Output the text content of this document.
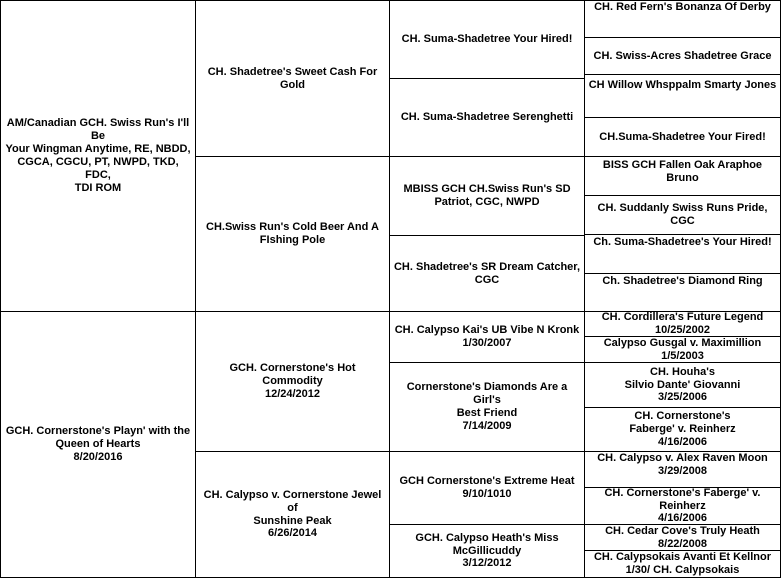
AM/Canadian GCH. Swiss Run's I'll Be
Your Wingman Anytime, RE, NBDD,
CGCA, CGCU, PT, NWPD, TKD, FDC,
TDI ROM
GCH. Cornerstone's Playn' with the
Queen of Hearts
8/20/2016
CH. Shadetree's Sweet Cash For Gold
CH.Swiss Run's Cold Beer And A
FIshing Pole
GCH. Cornerstone's Hot Commodity
12/24/2012
CH. Calypso v. Cornerstone Jewel of
Sunshine Peak
6/26/2014
CH. Suma-Shadetree Your Hired!
CH. Suma-Shadetree Serenghetti
MBISS GCH CH.Swiss Run's SD
Patriot, CGC, NWPD
CH. Shadetree's SR Dream Catcher,
CGC
CH. Calypso Kai's UB Vibe N Kronk
1/30/2007
Cornerstone's Diamonds Are a Girl's
Best Friend
7/14/2009
GCH Cornerstone's Extreme Heat
9/10/1010
GCH. Calypso Heath's Miss
McGillicuddy
3/12/2012
CH. Red Fern's Bonanza Of Derby
CH. Swiss-Acres Shadetree Grace
CH Willow Whsppalm Smarty Jones
CH.Suma-Shadetree Your Fired!
BISS GCH Fallen Oak Araphoe Bruno
CH. Suddanly Swiss Runs Pride, CGC
Ch. Suma-Shadetree's Your Hired!
Ch. Shadetree's Diamond Ring
CH. Cordillera's Future Legend
10/25/2002
Calypso Gusgal v. Maximillion
1/5/2003
CH. Houha's
Silvio Dante' Giovanni
3/25/2006
CH. Cornerstone's
Faberge' v. Reinherz
4/16/2006
CH. Calypso v. Alex Raven Moon
3/29/2008
CH. Cornerstone's Faberge' v.
Reinherz
4/16/2006
CH. Cedar Cove's Truly Heath
8/22/2008
CH. Calypsokais Avanti Et Kellnor
1/30/ CH. Calypsokais
